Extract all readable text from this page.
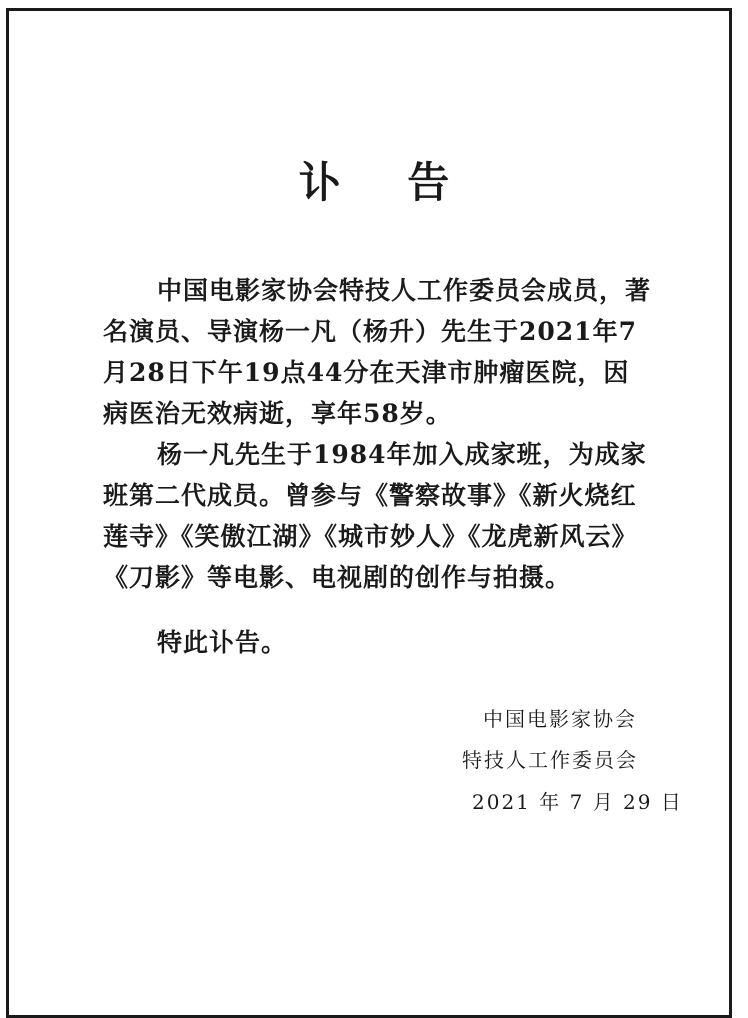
讣 告
中国电影家协会特技人工作委员会成员，著名演员、导演杨一凡（杨升）先生于2021年7月28日下午19点44分在天津市肿瘤医院，因病医治无效病逝，享年58岁。
杨一凡先生于1984年加入成家班，为成家班第二代成员。曾参与《警察故事》《新火烧红莲寺》《笑傲江湖》《城市妙人》《龙虎新风云》《刀影》等电影、电视剧的创作与拍摄。
特此讣告。
中国电影家协会
特技人工作委员会
2021 年 7 月 29 日
